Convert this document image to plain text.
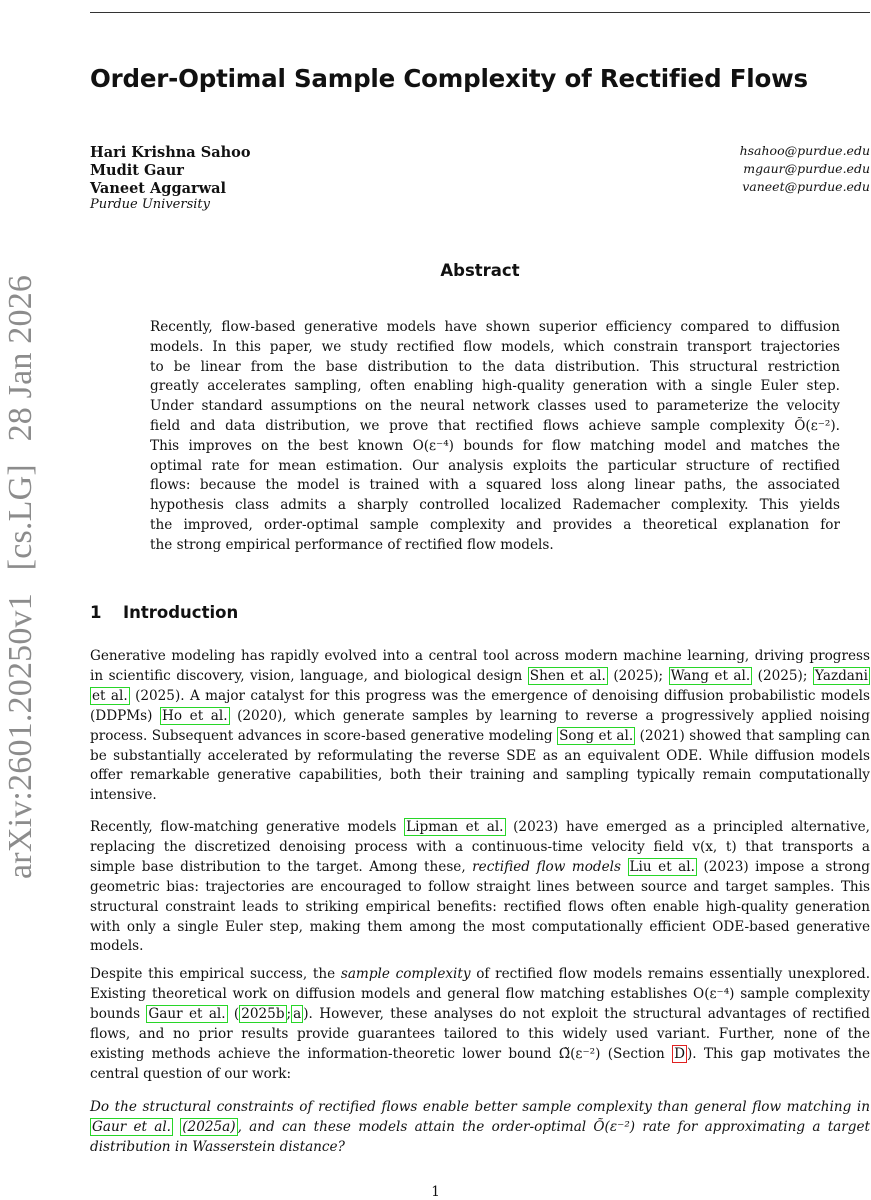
arXiv:2601.20250v1 [cs.LG] 28 Jan 2026
Order-Optimal Sample Complexity of Rectified Flows
Hari Krishna Sahoo	hsahoo@purdue.edu
Mudit Gaur	mgaur@purdue.edu
Vaneet Aggarwal	vaneet@purdue.edu
Purdue University
Abstract
Recently, flow-based generative models have shown superior efficiency compared to diffusion
models. In this paper, we study rectified flow models, which constrain transport trajectories
to be linear from the base distribution to the data distribution. This structural restriction
greatly accelerates sampling, often enabling high-quality generation with a single Euler step.
Under standard assumptions on the neural network classes used to parameterize the velocity
field and data distribution, we prove that rectified flows achieve sample complexity Õ(ε⁻²).
This improves on the best known O(ε⁻⁴) bounds for flow matching model and matches the
optimal rate for mean estimation. Our analysis exploits the particular structure of rectified
flows: because the model is trained with a squared loss along linear paths, the associated
hypothesis class admits a sharply controlled localized Rademacher complexity. This yields
the improved, order-optimal sample complexity and provides a theoretical explanation for
the strong empirical performance of rectified flow models.
1 Introduction
Generative modeling has rapidly evolved into a central tool across modern machine learning, driving progress
in scientific discovery, vision, language, and biological design Shen et al. (2025); Wang et al. (2025); Yazdani
et al. (2025). A major catalyst for this progress was the emergence of denoising diffusion probabilistic models
(DDPMs) Ho et al. (2020), which generate samples by learning to reverse a progressively applied noising
process. Subsequent advances in score-based generative modeling Song et al. (2021) showed that sampling can
be substantially accelerated by reformulating the reverse SDE as an equivalent ODE. While diffusion models
offer remarkable generative capabilities, both their training and sampling typically remain computationally
intensive.
Recently, flow-matching generative models Lipman et al. (2023) have emerged as a principled alternative,
replacing the discretized denoising process with a continuous-time velocity field v(x, t) that transports a
simple base distribution to the target. Among these, rectified flow models Liu et al. (2023) impose a strong
geometric bias: trajectories are encouraged to follow straight lines between source and target samples. This
structural constraint leads to striking empirical benefits: rectified flows often enable high-quality generation
with only a single Euler step, making them among the most computationally efficient ODE-based generative
models.
Despite this empirical success, the sample complexity of rectified flow models remains essentially unexplored.
Existing theoretical work on diffusion models and general flow matching establishes O(ε⁻⁴) sample complexity
bounds Gaur et al. ( 2025b ; a ). However, these analyses do not exploit the structural advantages of rectified
flows, and no prior results provide guarantees tailored to this widely used variant. Further, none of the
existing methods achieve the information-theoretic lower bound Ω̃(ε⁻²) (Section D ). This gap motivates the
central question of our work:
Do the structural constraints of rectified flows enable better sample complexity than general flow matching in
Gaur et al. (2025a) , and can these models attain the order-optimal Õ(ε⁻²) rate for approximating a target
distribution in Wasserstein distance?
1
